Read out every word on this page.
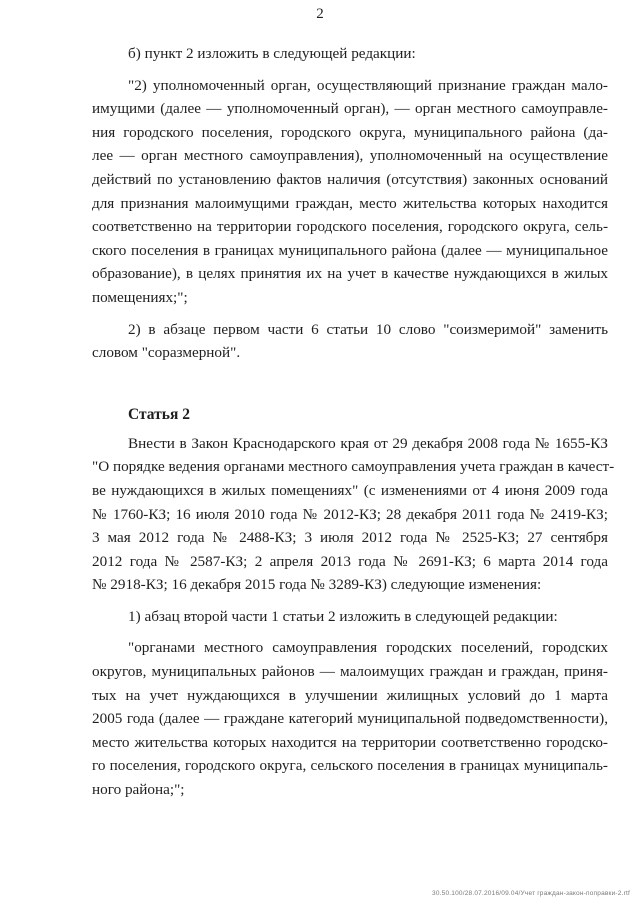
2
б) пункт 2 изложить в следующей редакции:
"2) уполномоченный орган, осуществляющий признание граждан мало-
имущими (далее — уполномоченный орган), — орган местного самоуправле-
ния городского поселения, городского округа, муниципального района (да-
лее — орган местного самоуправления), уполномоченный на осуществление
действий по установлению фактов наличия (отсутствия) законных оснований
для признания малоимущими граждан, место жительства которых находится
соответственно на территории городского поселения, городского округа, сель-
ского поселения в границах муниципального района (далее — муниципальное
образование), в целях принятия их на учет в качестве нуждающихся в жилых
помещениях;";
2) в абзаце первом части 6 статьи 10 слово "соизмеримой" заменить
словом "соразмерной".
Статья 2
Внести в Закон Краснодарского края от 29 декабря 2008 года № 1655-КЗ
"О порядке ведения органами местного самоуправления учета граждан в качест-
ве нуждающихся в жилых помещениях" (с изменениями от 4 июня 2009 года
№ 1760-КЗ; 16 июля 2010 года № 2012-КЗ; 28 декабря 2011 года № 2419-КЗ;
3 мая 2012 года № 2488-КЗ; 3 июля 2012 года № 2525-КЗ; 27 сентября
2012 года № 2587-КЗ; 2 апреля 2013 года № 2691-КЗ; 6 марта 2014 года
№ 2918-КЗ; 16 декабря 2015 года № 3289-КЗ) следующие изменения:
1) абзац второй части 1 статьи 2 изложить в следующей редакции:
"органами местного самоуправления городских поселений, городских
округов, муниципальных районов — малоимущих граждан и граждан, приня-
тых на учет нуждающихся в улучшении жилищных условий до 1 марта
2005 года (далее — граждане категорий муниципальной подведомственности),
место жительства которых находится на территории соответственно городско-
го поселения, городского округа, сельского поселения в границах муниципаль-
ного района;";
30.50.100/28.07.2016/09.04/Учет граждан-закон-поправки-2.rtf
